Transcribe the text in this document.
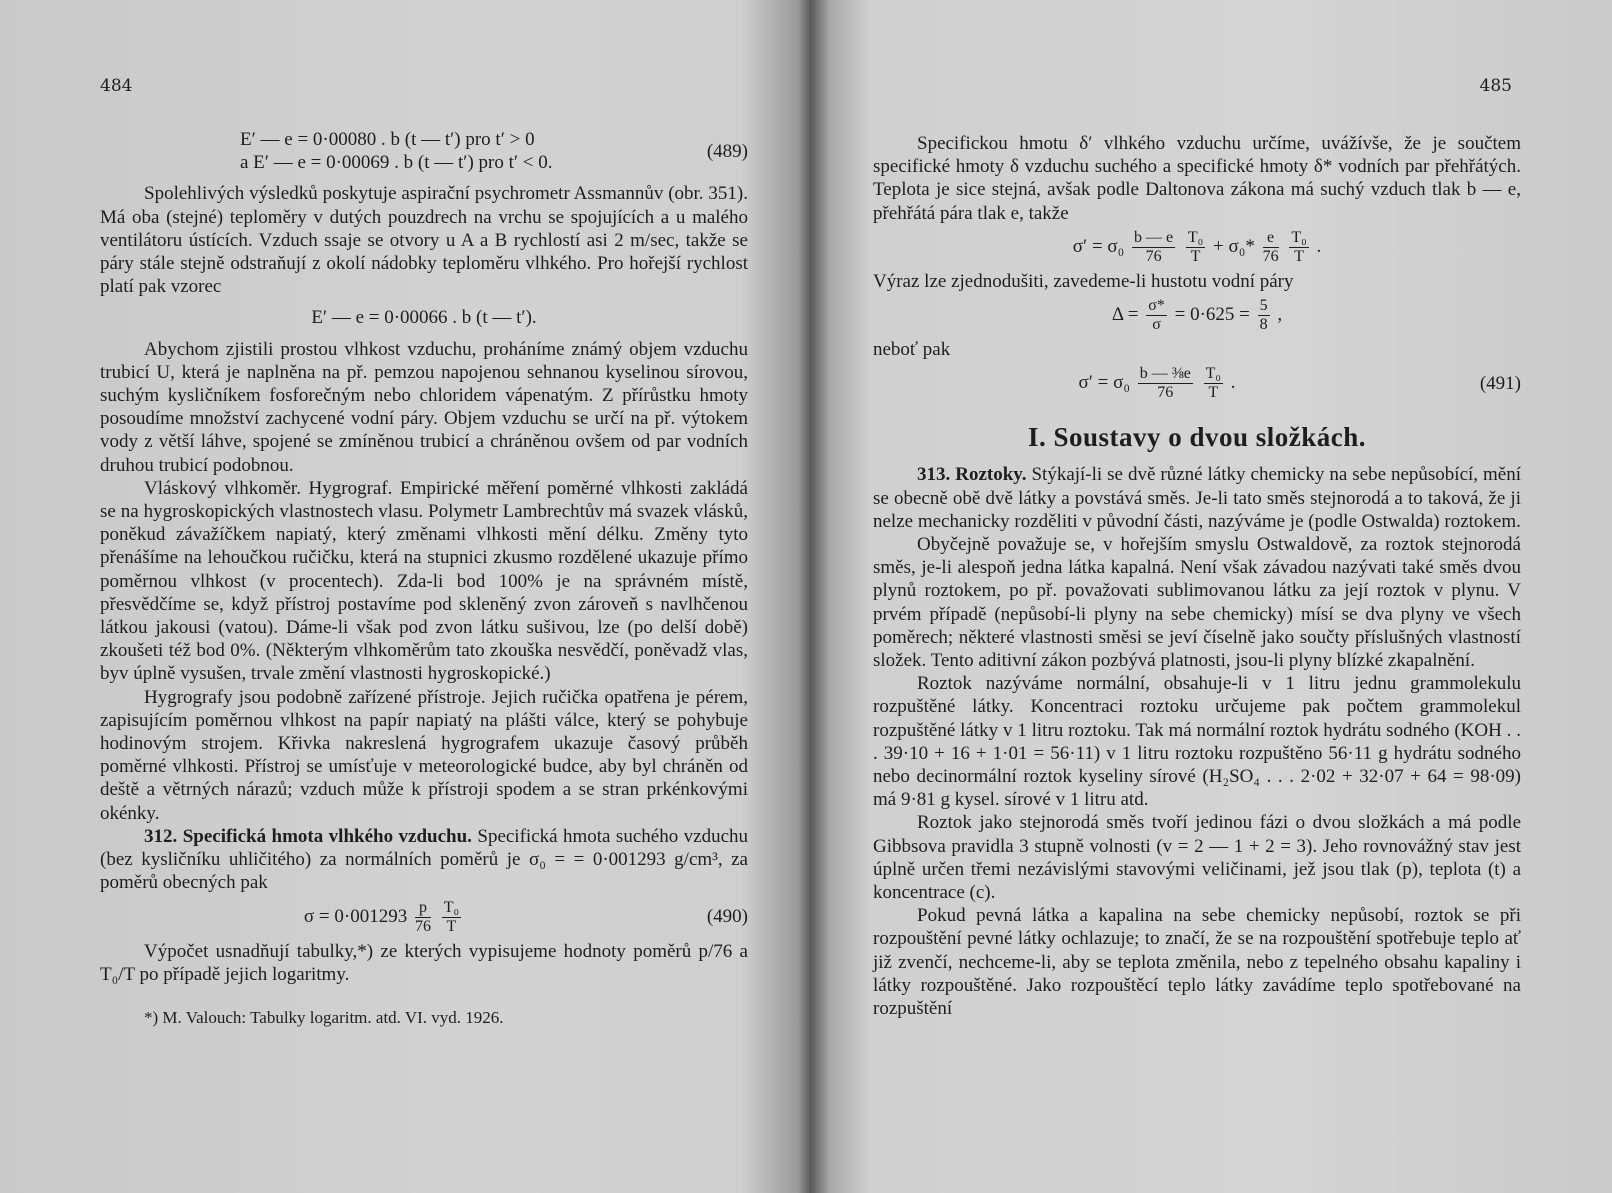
484
E′ — e = 0·00080 . b (t — t′) pro t′ > 0
a E′ — e = 0·00069 . b (t — t′) pro t′ < 0.
(489)

Spolehlivých výsledků poskytuje aspirační psychrometr Assmannův (obr. 351). Má oba (stejné) teploměry v dutých pouzdrech na vrchu se spojujících a u malého ventilátoru ústících. Vzduch ssaje se otvory u A a B rychlostí asi 2 m/sec, takže se páry stále stejně odstraňují z okolí nádobky teploměru vlhkého. Pro hořejší rychlost platí pak vzorec

E′ — e = 0·00066 . b (t — t′).

Abychom zjistili prostou vlhkost vzduchu, proháníme známý objem vzduchu trubicí U, která je naplněna na př. pemzou napojenou sehnanou kyselinou sírovou, suchým kysličníkem fosforečným nebo chloridem vápenatým. Z přírůstku hmoty posoudíme množství zachycené vodní páry. Objem vzduchu se určí na př. výtokem vody z větší láhve, spojené se zmíněnou trubicí a chráněnou ovšem od par vodních druhou trubicí podobnou.

Vláskový vlhkoměr. Hygrograf. Empirické měření poměrné vlhkosti zakládá se na hygroskopických vlastnostech vlasu. Polymetr Lambrechtův má svazek vlásků, poněkud závažíčkem napiatý, který změnami vlhkosti mění délku. Změny tyto přenášíme na lehoučkou ručičku, která na stupnici zkusmo rozdělené ukazuje přímo poměrnou vlhkost (v procentech). Zda-li bod 100% je na správném místě, přesvědčíme se, když přístroj postavíme pod skleněný zvon zároveň s navlhčenou látkou jakousi (vatou). Dáme-li však pod zvon látku sušivou, lze (po delší době) zkoušeti též bod 0%. (Některým vlhkoměrům tato zkouška nesvědčí, poněvadž vlas, byv úplně vysušen, trvale změní vlastnosti hygroskopické.)

Hygrografy jsou podobně zařízené přístroje. Jejich ručička opatřena je pérem, zapisujícím poměrnou vlhkost na papír napiatý na plášti válce, který se pohybuje hodinovým strojem. Křivka nakreslená hygrografem ukazuje časový průběh poměrné vlhkosti. Přístroj se umísťuje v meteorologické budce, aby byl chráněn od deště a větrných nárazů; vzduch může k přístroji spodem a se stran prkénkovými okénky.

312. Specifická hmota vlhkého vzduchu. Specifická hmota suchého vzduchu (bez kysličníku uhličitého) za normálních poměrů je σ₀ = = 0·001293 g/cm³, za poměrů obecných pak

$\sigma = 0\cdot 001293 \frac{p}{76}$
$\frac{\text{T₀}}{T}$	(490)

Výpočet usnadňují tabulky,*) ze kterých vypisujeme hodnoty poměrů p/76 a T₀/T po případě jejich logaritmy.

*) M. Valouch: Tabulky logaritm. atd. VI. vyd. 1926.
485

Specifickou hmotu δ′ vlhkého vzduchu určíme, uvážívše, že je součtem specifické hmoty δ vzduchu suchého a specifické hmoty δ* vodních par přehřátých. Teplota je sice stejná, avšak podle Daltonova zákona má suchý vzduch tlak b — e, přehřátá pára tlak e, takže

$\sigma' = \sigma_0 \frac{b — e}{76}$
$\frac{\text{T₀}}{T} + \sigma_0* \frac{e}{76}$
$\frac{\text{T₀}}{T}$ .

Výraz lze zjednodušiti, zavedeme-li hustotu vodní páry

$\Delta = \frac{\sigma*}{\sigma} = 0\cdot 625 = \frac{5}{8}$ ,

neboť pak

$\sigma' = \sigma_0 \frac{\text{b — ⅜e}}{76}$
$\frac{\text{T₀}}{T}$ .	(491)
I. Soustavy o dvou složkách.

313. Roztoky. Stýkají-li se dvě různé látky chemicky na sebe nepůsobící, mění se obecně obě dvě látky a povstává směs. Je-li tato směs stejnorodá a to taková, že ji nelze mechanicky rozděliti v původní části, nazýváme je (podle Ostwalda) roztokem.

Obyčejně považuje se, v hořejším smyslu Ostwaldově, za roztok stejnorodá směs, je-li alespoň jedna látka kapalná. Není však závadou nazývati také směs dvou plynů roztokem, po př. považovati sublimovanou látku za její roztok v plynu. V prvém případě (nepůsobí-li plyny na sebe chemicky) mísí se dva plyny ve všech poměrech; některé vlastnosti směsi se jeví číselně jako součty příslušných vlastností složek. Tento aditivní zákon pozbývá platnosti, jsou-li plyny blízké zkapalnění.

Roztok nazýváme normální, obsahuje-li v 1 litru jednu grammolekulu rozpuštěné látky. Koncentraci roztoku určujeme pak počtem grammolekul rozpuštěné látky v 1 litru roztoku. Tak má normální roztok hydrátu sodného (KOH . . . 39·10 + 16 + 1·01 = 56·11) v 1 litru roztoku rozpuštěno 56·11 g hydrátu sodného nebo decinormální roztok kyseliny sírové (H₂SO₄ . . . 2·02 + 32·07 + 64 = 98·09) má 9·81 g kysel. sírové v 1 litru atd.

Roztok jako stejnorodá směs tvoří jedinou fázi o dvou složkách a má podle Gibbsova pravidla 3 stupně volnosti (v = 2 — 1 + 2 = 3). Jeho rovnovážný stav jest úplně určen třemi nezávislými stavovými veličinami, jež jsou tlak (p), teplota (t) a koncentrace (c).

Pokud pevná látka a kapalina na sebe chemicky nepůsobí, roztok se při rozpouštění pevné látky ochlazuje; to značí, že se na rozpouštění spotřebuje teplo ať již zvenčí, nechceme-li, aby se teplota změnila, nebo z tepelného obsahu kapaliny i látky rozpouštěné. Jako rozpouštěcí teplo látky zavádíme teplo spotřebované na rozpuštění
